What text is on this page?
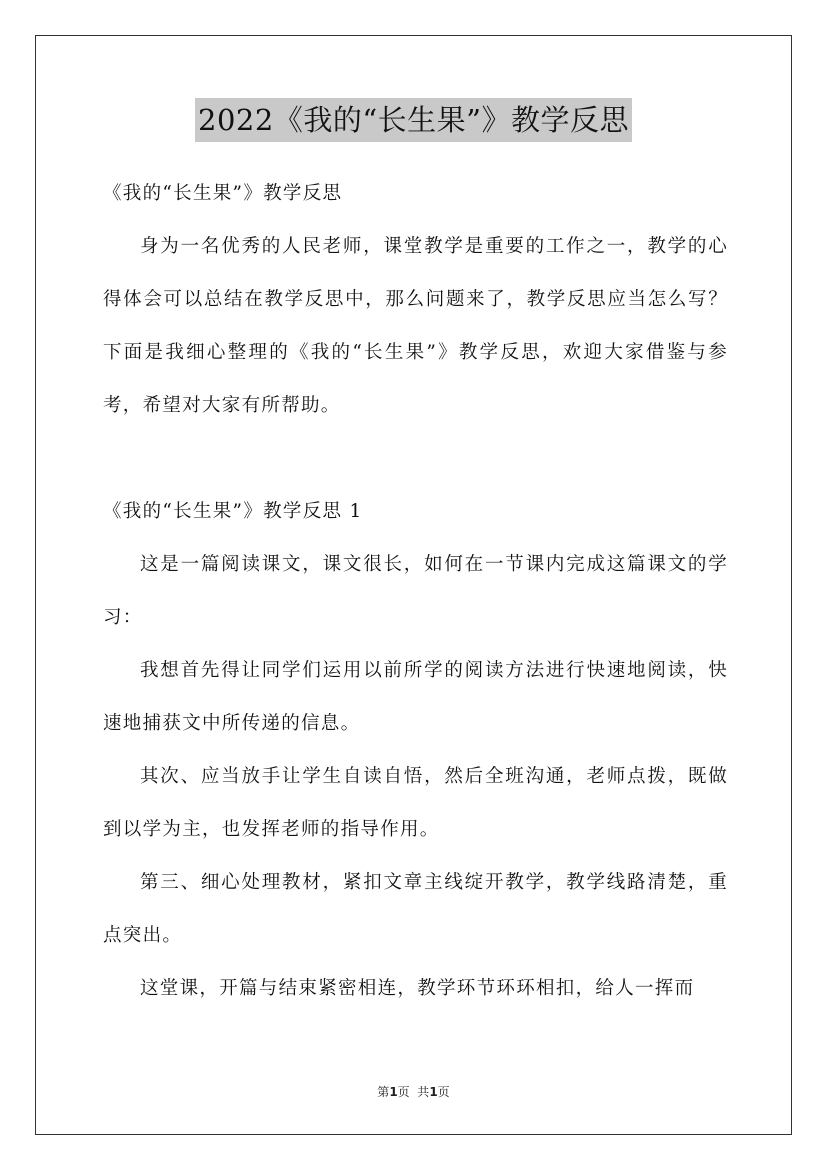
2022《我的“长生果”》教学反思

《我的“长生果”》教学反思

身为一名优秀的人民老师，课堂教学是重要的工作之一，教学的心得体会可以总结在教学反思中，那么问题来了，教学反思应当怎么写？下面是我细心整理的《我的“长生果”》教学反思，欢迎大家借鉴与参考，希望对大家有所帮助。

《我的“长生果”》教学反思 1

这是一篇阅读课文，课文很长，如何在一节课内完成这篇课文的学习：

我想首先得让同学们运用以前所学的阅读方法进行快速地阅读，快速地捕获文中所传递的信息。

其次、应当放手让学生自读自悟，然后全班沟通，老师点拨，既做到以学为主，也发挥老师的指导作用。

第三、细心处理教材，紧扣文章主线绽开教学，教学线路清楚，重点突出。

这堂课，开篇与结束紧密相连，教学环节环环相扣，给人一挥而

第1页  共1页
